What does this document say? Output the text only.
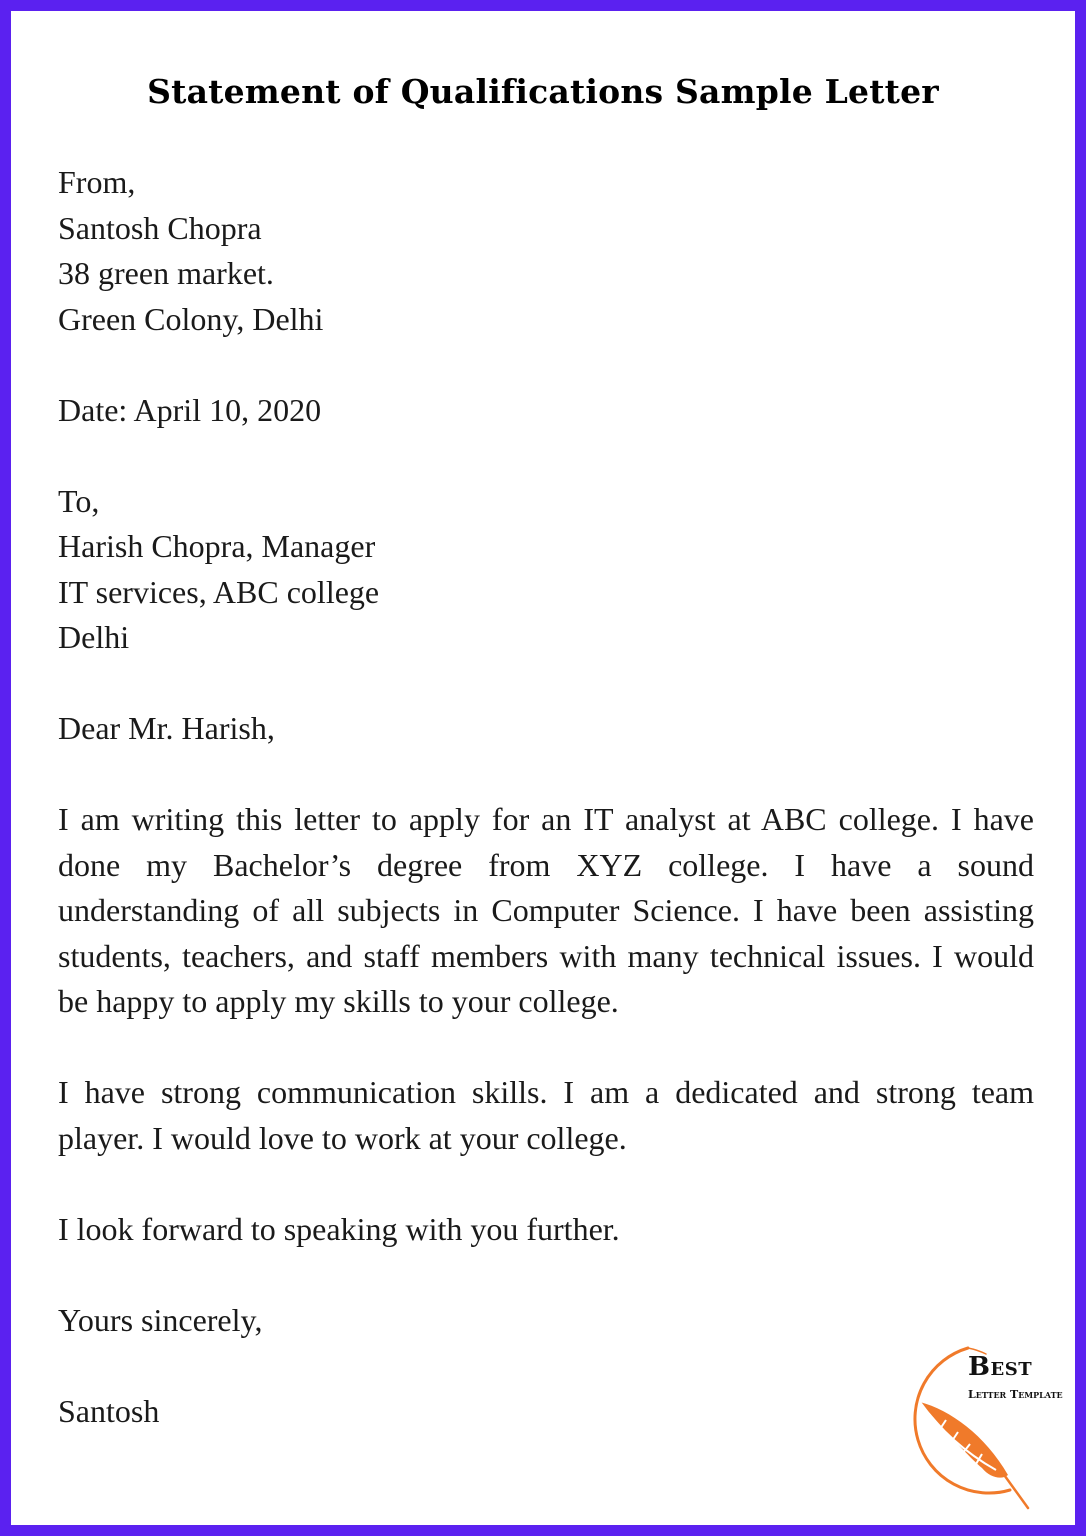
Statement of Qualifications Sample Letter
From,
Santosh Chopra
38 green market.
Green Colony, Delhi
Date: April 10, 2020
To,
Harish Chopra, Manager
IT services, ABC college
Delhi
Dear Mr. Harish,

I am writing this letter to apply for an IT analyst at ABC college. I have done my Bachelor’s degree from XYZ college. I have a sound understanding of all subjects in Computer Science. I have been assisting students, teachers, and staff members with many technical issues. I would be happy to apply my skills to your college.

I have strong communication skills. I am a dedicated and strong team player. I would love to work at your college.

I look forward to speaking with you further.

Yours sincerely,
Santosh
Best
Letter Template
